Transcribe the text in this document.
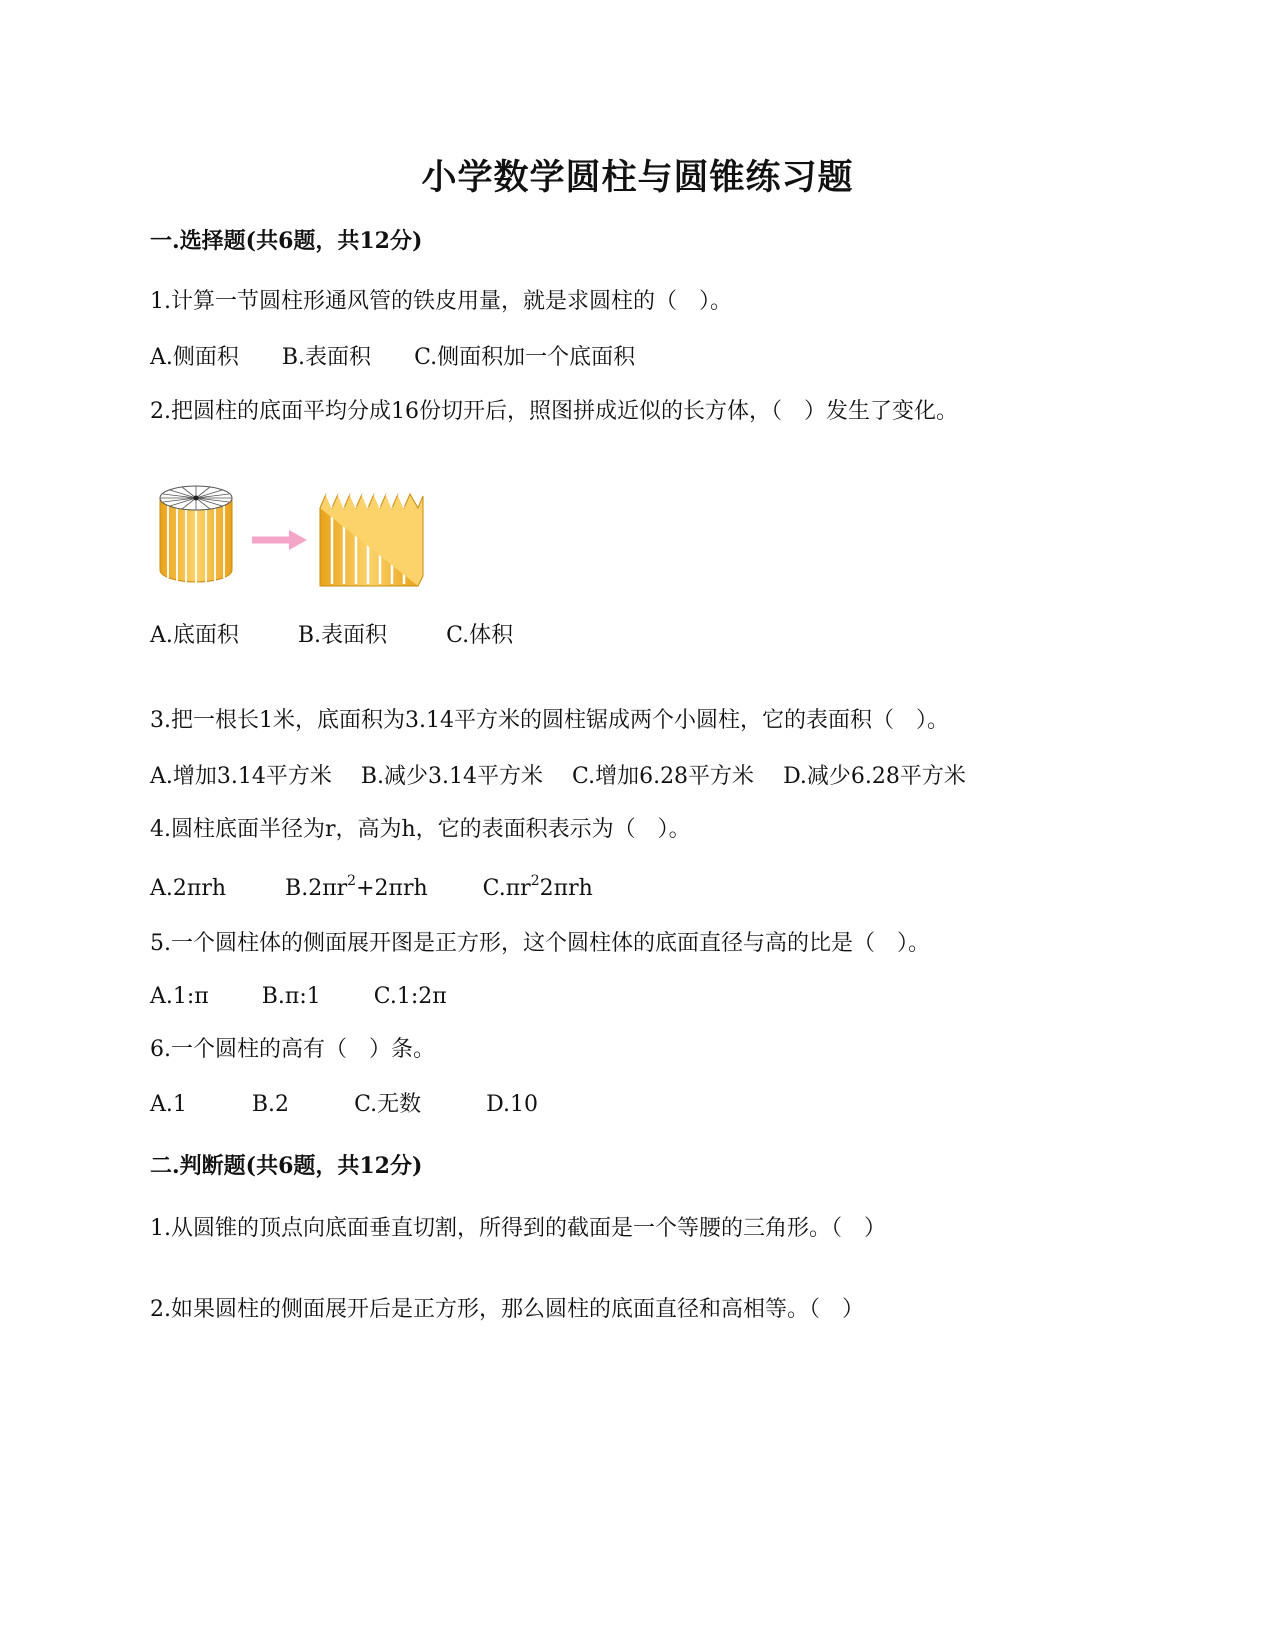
小学数学圆柱与圆锥练习题
一.选择题(共6题，共12分)
1.计算一节圆柱形通风管的铁皮用量，就是求圆柱的（　）。
A.侧面积 B.表面积 C.侧面积加一个底面积
2.把圆柱的底面平均分成16份切开后，照图拼成近似的长方体，（　）发生了变化。
A.底面积	B.表面积	C.体积
3.把一根长1米，底面积为3.14平方米的圆柱锯成两个小圆柱，它的表面积（　）。
A.增加3.14平方米 B.减少3.14平方米 C.增加6.28平方米 D.减少6.28平方米
4.圆柱底面半径为r，高为h，它的表面积表示为（　）。
A.2πrh	$B.2\pi r^2+2\pi rh$	$C.\pi r^22\pi rh$
5.一个圆柱体的侧面展开图是正方形，这个圆柱体的底面直径与高的比是（　）。
A.1:π B.π:1 C.1:2π
6.一个圆柱的高有（　）条。
A.1	B.2	C.无数	D.10
二.判断题(共6题，共12分)
1.从圆锥的顶点向底面垂直切割，所得到的截面是一个等腰的三角形。（　）
2.如果圆柱的侧面展开后是正方形，那么圆柱的底面直径和高相等。（　）
